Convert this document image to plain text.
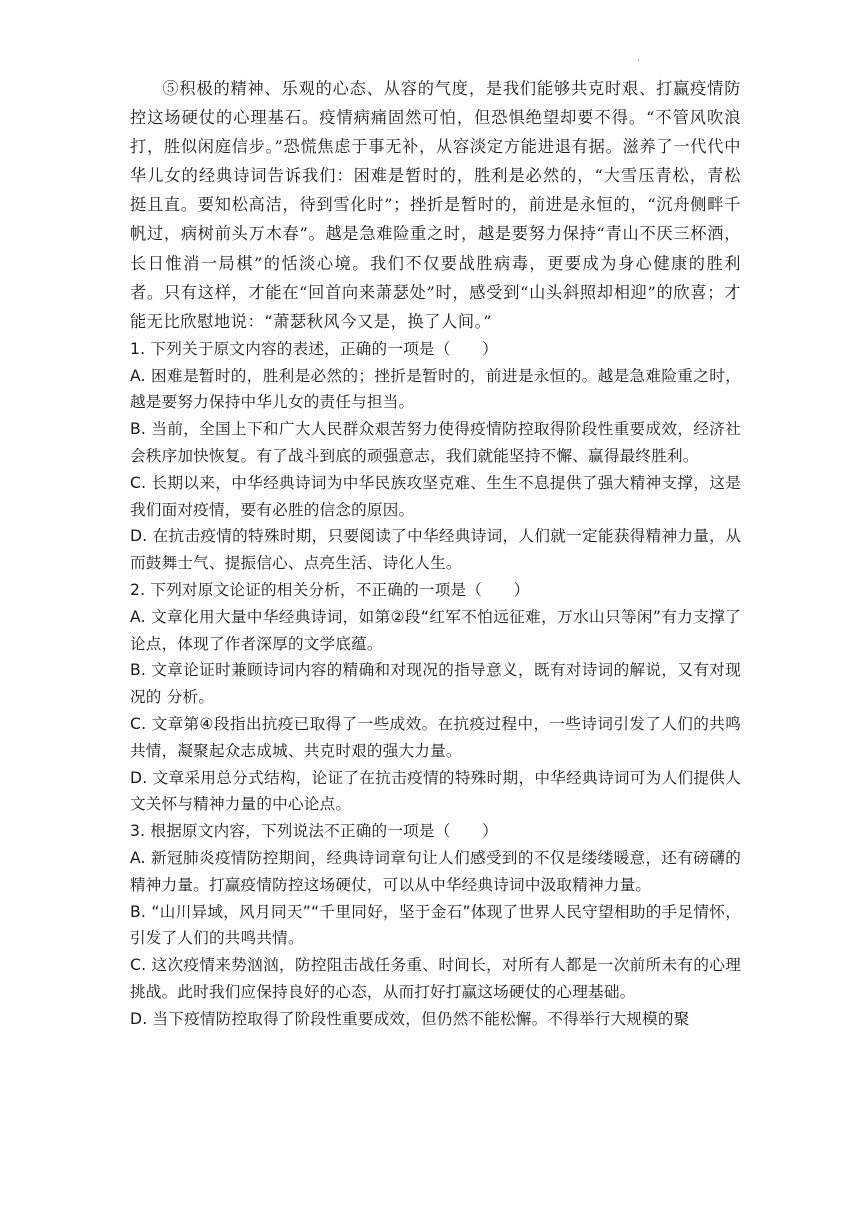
·

⑤积极的精神、乐观的心态、从容的气度，是我们能够共克时艰、打赢疫情防控这场硬仗的心理基石。疫情病痛固然可怕，但恐惧绝望却要不得。“不管风吹浪打，胜似闲庭信步。”恐慌焦虑于事无补，从容淡定方能进退有据。滋养了一代代中华儿女的经典诗词告诉我们：困难是暂时的，胜利是必然的，“大雪压青松，青松挺且直。要知松高洁，待到雪化时”；挫折是暂时的，前进是永恒的，“沉舟侧畔千帆过，病树前头万木春”。越是急难险重之时，越是要努力保持“青山不厌三杯酒，长日惟消一局棋”的恬淡心境。我们不仅要战胜病毒，更要成为身心健康的胜利者。只有这样，才能在“回首向来萧瑟处”时，感受到“山头斜照却相迎”的欣喜；才能无比欣慰地说：“萧瑟秋风今又是，换了人间。”

1. 下列关于原文内容的表述，正确的一项是（　　）

A. 困难是暂时的，胜利是必然的；挫折是暂时的，前进是永恒的。越是急难险重之时，越是要努力保持中华儿女的责任与担当。

B. 当前，全国上下和广大人民群众艰苦努力使得疫情防控取得阶段性重要成效，经济社会秩序加快恢复。有了战斗到底的顽强意志，我们就能坚持不懈、赢得最终胜利。

C. 长期以来，中华经典诗词为中华民族攻坚克难、生生不息提供了强大精神支撑，这是我们面对疫情，要有必胜的信念的原因。

D. 在抗击疫情的特殊时期，只要阅读了中华经典诗词，人们就一定能获得精神力量，从而鼓舞士气、提振信心、点亮生活、诗化人生。

2. 下列对原文论证的相关分析，不正确的一项是（　　）

A. 文章化用大量中华经典诗词，如第②段“红军不怕远征难，万水山只等闲”有力支撑了论点，体现了作者深厚的文学底蕴。

B. 文章论证时兼顾诗词内容的精确和对现况的指导意义，既有对诗词的解说，又有对现况的 分析。

C. 文章第④段指出抗疫已取得了一些成效。在抗疫过程中，一些诗词引发了人们的共鸣共情，凝聚起众志成城、共克时艰的强大力量。

D. 文章采用总分式结构，论证了在抗击疫情的特殊时期，中华经典诗词可为人们提供人文关怀与精神力量的中心论点。

3. 根据原文内容，下列说法不正确的一项是（　　）

A. 新冠肺炎疫情防控期间，经典诗词章句让人们感受到的不仅是缕缕暖意，还有磅礴的精神力量。打赢疫情防控这场硬仗，可以从中华经典诗词中汲取精神力量。

B. “山川异域，风月同天”“千里同好，坚于金石”体现了世界人民守望相助的手足情怀，引发了人们的共鸣共情。

C. 这次疫情来势汹汹，防控阻击战任务重、时间长，对所有人都是一次前所未有的心理挑战。此时我们应保持良好的心态，从而打好打赢这场硬仗的心理基础。

D. 当下疫情防控取得了阶段性重要成效，但仍然不能松懈。不得举行大规模的聚
